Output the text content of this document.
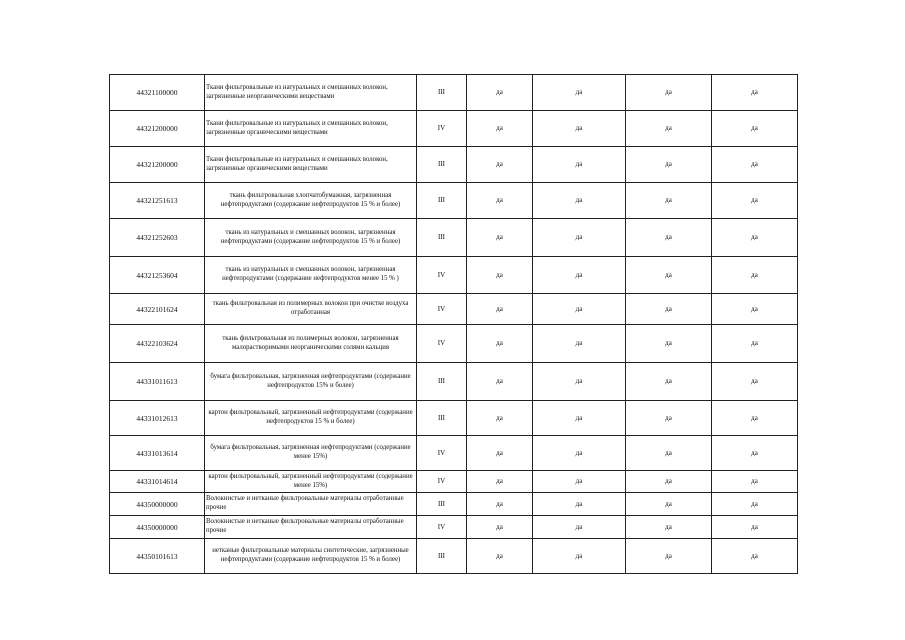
44321100000	Ткани фильтровальные из натуральных и смешанных волокон, загрязненные неорганическими веществами	III	да	да	да	да
44321200000	Ткани фильтровальные из натуральных и смешанных волокон, загрязненные органическими веществами	IV	да	да	да	да
44321200000	Ткани фильтровальные из натуральных и смешанных волокон, загрязненные органическими веществами	III	да	да	да	да
44321251613	ткань фильтровальная хлопчатобумажная, загрязненная нефтепродуктами (содержание нефтепродуктов 15 % и более)	III	да	да	да	да
44321252603	ткань из натуральных и смешанных волокон, загрязненная нефтепродуктами (содержание нефтепродуктов 15 % и более)	III	да	да	да	да
44321253604	ткань из натуральных и смешанных волокон, загрязненная нефтепродуктами (содержание нефтепродуктов менее 15 % )	IV	да	да	да	да
44322101624	ткань фильтровальная из полимерных волокон при очистке воздуха отработанная	IV	да	да	да	да
44322103624	ткань фильтровальная из полимерных волокон, загрязненная малорастворимыми неорганическими солями кальция	IV	да	да	да	да
44331011613	бумага фильтровальная, загрязненная нефтепродуктами (содержание нефтепродуктов 15% и более)	III	да	да	да	да
44331012613	картон фильтровальный, загрязненный нефтепродуктами (содержание нефтепродуктов 15 % и более)	III	да	да	да	да
44331013614	бумага фильтровальная, загрязненная нефтепродуктами (содержание менее 15%)	IV	да	да	да	да
44331014614	картон фильтровальный, загрязненный нефтепродуктами (содержание менее 15%)	IV	да	да	да	да
44350000000	Волокнистые и нетканые фильтровальные материалы отработанные прочие	III	да	да	да	да
44350000000	Волокнистые и нетканые фильтровальные материалы отработанные прочие	IV	да	да	да	да
44350101613	нетканые фильтровальные материалы синтетические, загрязненные нефтепродуктами (содержание нефтепродуктов 15 % и более)	III	да	да	да	да
